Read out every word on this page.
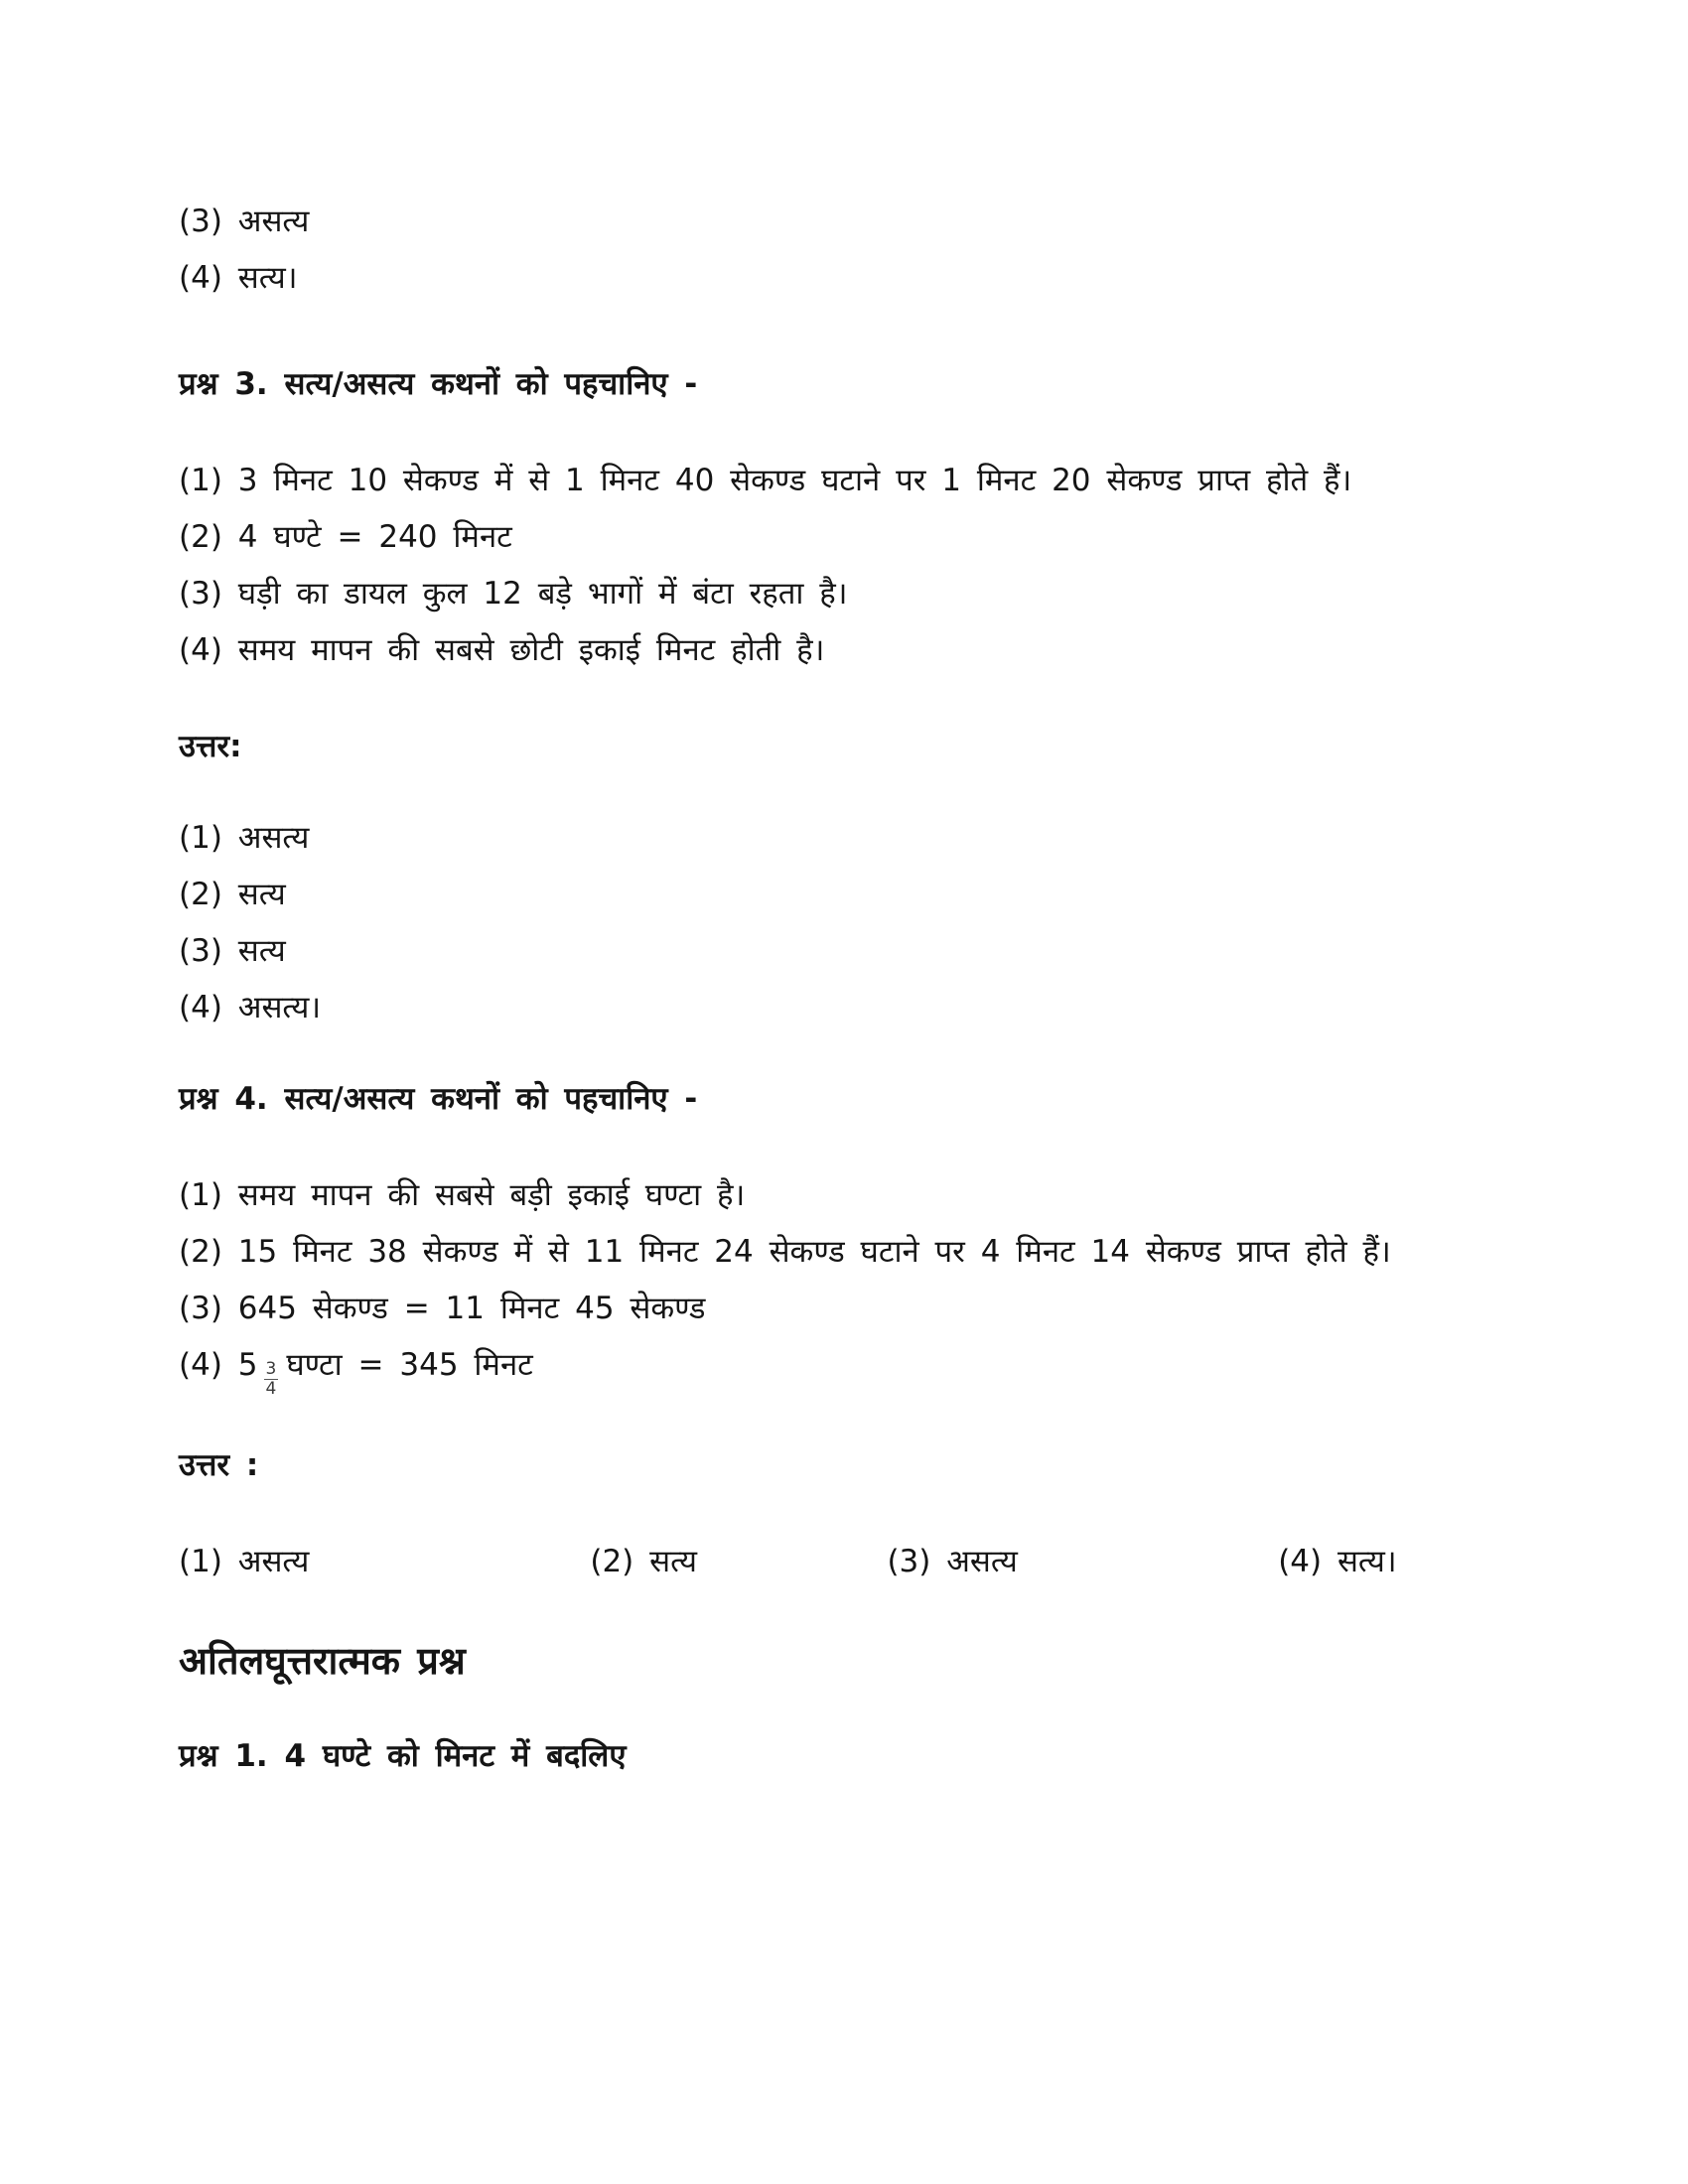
(3) असत्य

(4) सत्य।

प्रश्न 3. सत्य/असत्य कथनों को पहचानिए -

(1) 3 मिनट 10 सेकण्ड में से 1 मिनट 40 सेकण्ड घटाने पर 1 मिनट 20 सेकण्ड प्राप्त होते हैं।

(2) 4 घण्टे = 240 मिनट

(3) घड़ी का डायल कुल 12 बड़े भागों में बंटा रहता है।

(4) समय मापन की सबसे छोटी इकाई मिनट होती है।

उत्तर:

(1) असत्य

(2) सत्य

(3) सत्य

(4) असत्य।

प्रश्न 4. सत्य/असत्य कथनों को पहचानिए -

(1) समय मापन की सबसे बड़ी इकाई घण्टा है।

(2) 15 मिनट 38 सेकण्ड में से 11 मिनट 24 सेकण्ड घटाने पर 4 मिनट 14 सेकण्ड प्राप्त होते हैं।

(3) 645 सेकण्ड = 11 मिनट 45 सेकण्ड

(4) $5 \frac{3}{4}$ घण्टा = 345 मिनट

उत्तर :

(1) असत्य	(2) सत्य	(3) असत्य	(4) सत्य।
अतिलघूत्तरात्मक प्रश्न

प्रश्न 1. 4 घण्टे को मिनट में बदलिए
